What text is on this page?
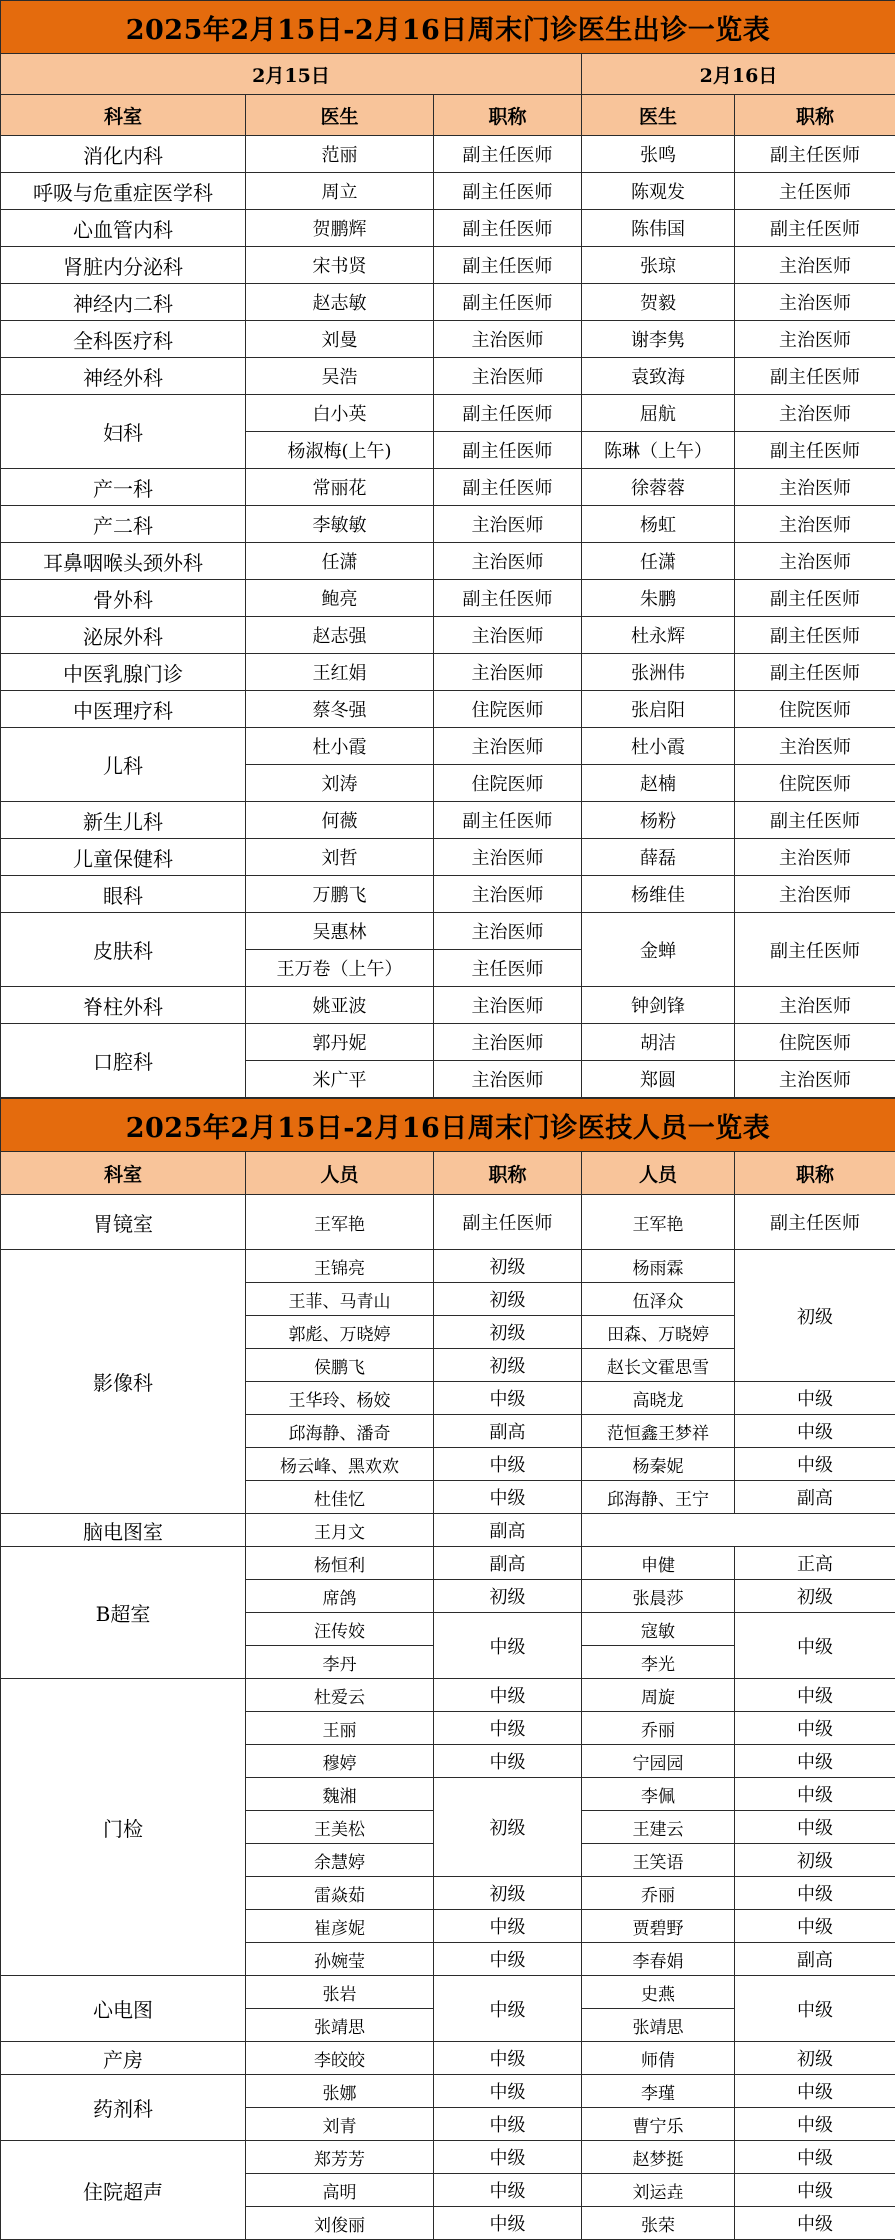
2025年2月15日-2月16日周末门诊医生出诊一览表				
2月15日			2月16日	
科室	医生	职称	医生	职称
消化内科	范丽	副主任医师	张鸣	副主任医师
呼吸与危重症医学科	周立	副主任医师	陈观发	主任医师
心血管内科	贺鹏辉	副主任医师	陈伟国	副主任医师
肾脏内分泌科	宋书贤	副主任医师	张琼	主治医师
神经内二科	赵志敏	副主任医师	贺毅	主治医师
全科医疗科	刘曼	主治医师	谢李隽	主治医师
神经外科	吴浩	主治医师	袁致海	副主任医师
妇科	白小英	副主任医师	屈航	主治医师
	杨淑梅(上午)	副主任医师	陈琳（上午）	副主任医师
产一科	常丽花	副主任医师	徐蓉蓉	主治医师
产二科	李敏敏	主治医师	杨虹	主治医师
耳鼻咽喉头颈外科	任潇	主治医师	任潇	主治医师
骨外科	鲍亮	副主任医师	朱鹏	副主任医师
泌尿外科	赵志强	主治医师	杜永辉	副主任医师
中医乳腺门诊	王红娟	主治医师	张洲伟	副主任医师
中医理疗科	蔡冬强	住院医师	张启阳	住院医师
儿科	杜小霞	主治医师	杜小霞	主治医师
	刘涛	住院医师	赵楠	住院医师
新生儿科	何薇	副主任医师	杨粉	副主任医师
儿童保健科	刘哲	主治医师	薛磊	主治医师
眼科	万鹏飞	主治医师	杨维佳	主治医师
皮肤科	吴惠林	主治医师	金蝉	副主任医师
	王万卷（上午）	主任医师		
脊柱外科	姚亚波	主治医师	钟剑锋	主治医师
口腔科	郭丹妮	主治医师	胡洁	住院医师
	米广平	主治医师	郑圆	主治医师
2025年2月15日-2月16日周末门诊医技人员一览表				
科室	人员	职称	人员	职称
胃镜室	王军艳	副主任医师	王军艳	副主任医师
影像科	王锦亮	初级	杨雨霖	初级
	王菲、马青山	初级	伍泽众	
	郭彪、万晓婷	初级	田森、万晓婷	
	侯鹏飞	初级	赵长文霍思雪	
	王华玲、杨姣	中级	高晓龙	中级
	邱海静、潘奇	副高	范恒鑫王梦祥	中级
	杨云峰、黑欢欢	中级	杨秦妮	中级
	杜佳忆	中级	邱海静、王宁	副高
脑电图室	王月文	副高		
B超室	杨恒利	副高	申健	正高
	席鸽	初级	张晨莎	初级
	汪传姣	中级	寇敏	中级
	李丹		李光	
门检	杜爱云	中级	周旋	中级
	王丽	中级	乔丽	中级
	穆婷	中级	宁园园	中级
	魏湘	初级	李佩	中级
	王美松		王建云	中级
	余慧婷		王笑语	初级
	雷焱茹	初级	乔丽	中级
	崔彦妮	中级	贾碧野	中级
	孙婉莹	中级	李春娟	副高
心电图	张岩	中级	史燕	中级
	张靖思		张靖思	
产房	李皎皎	中级	师倩	初级
药剂科	张娜	中级	李瑾	中级
	刘青	中级	曹宁乐	中级
住院超声	郑芳芳	中级	赵梦挺	中级
	高明	中级	刘运垚	中级
	刘俊丽	中级	张荣	中级
